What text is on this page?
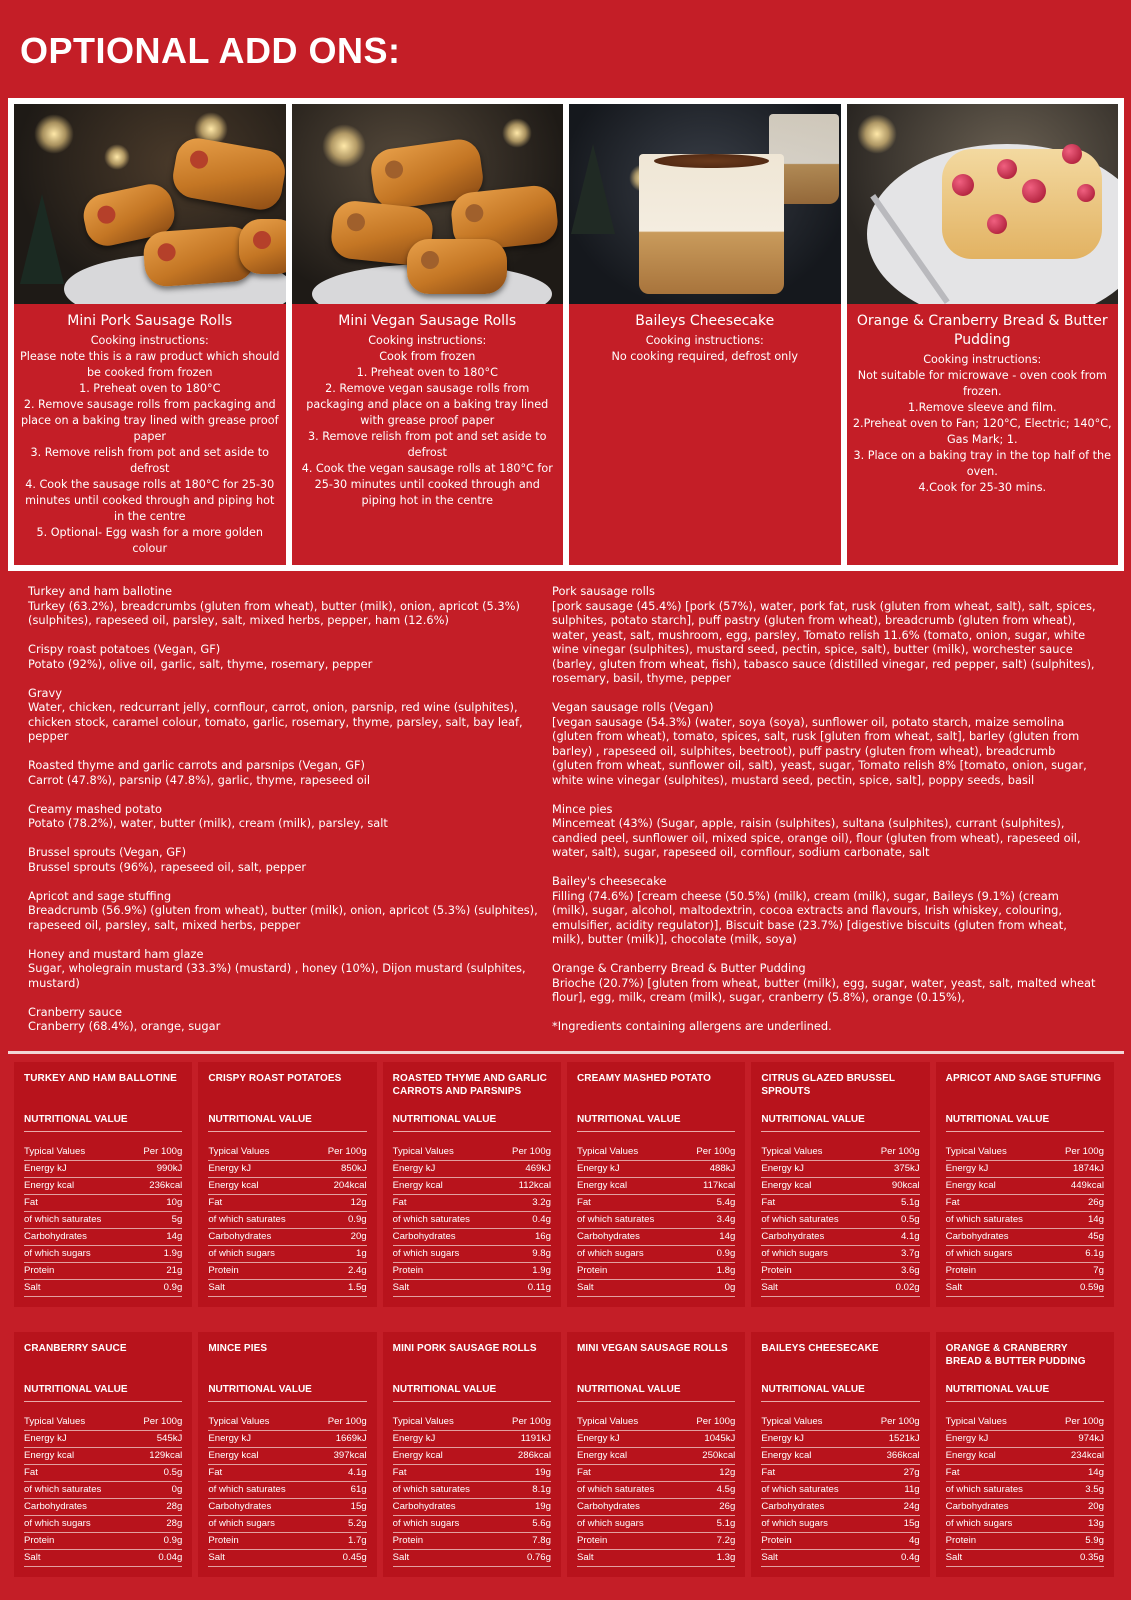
OPTIONAL ADD ONS:
Mini Pork Sausage Rolls
Cooking instructions:
Please note this is a raw product which should be cooked from frozen
1. Preheat oven to 180°C
2. Remove sausage rolls from packaging and place on a baking tray lined with grease proof paper
3. Remove relish from pot and set aside to defrost
4. Cook the sausage rolls at 180°C for 25-30 minutes until cooked through and piping hot in the centre
5. Optional- Egg wash for a more golden colour
Mini Vegan Sausage Rolls
Cooking instructions:
Cook from frozen
1. Preheat oven to 180°C
2. Remove vegan sausage rolls from packaging and place on a baking tray lined with grease proof paper
3. Remove relish from pot and set aside to defrost
4. Cook the vegan sausage rolls at 180°C for 25-30 minutes until cooked through and piping hot in the centre
Baileys Cheesecake
Cooking instructions:
No cooking required, defrost only
Orange & Cranberry Bread & Butter Pudding
Cooking instructions:
Not suitable for microwave - oven cook from frozen.
1.Remove sleeve and film.
2.Preheat oven to Fan; 120°C, Electric; 140°C, Gas Mark; 1.
3. Place on a baking tray in the top half of the oven.
4.Cook for 25-30 mins.
Turkey and ham ballotine
Turkey (63.2%), breadcrumbs (gluten from wheat), butter (milk), onion, apricot (5.3%) (sulphites), rapeseed oil, parsley, salt, mixed herbs, pepper, ham (12.6%)
Crispy roast potatoes (Vegan, GF)
Potato (92%), olive oil, garlic, salt, thyme, rosemary, pepper
Gravy
Water, chicken, redcurrant jelly, cornflour, carrot, onion, parsnip, red wine (sulphites), chicken stock, caramel colour, tomato, garlic, rosemary, thyme, parsley, salt, bay leaf, pepper
Roasted thyme and garlic carrots and parsnips (Vegan, GF)
Carrot (47.8%), parsnip (47.8%), garlic, thyme, rapeseed oil
Creamy mashed potato
Potato (78.2%), water, butter (milk), cream (milk), parsley, salt
Brussel sprouts (Vegan, GF)
Brussel sprouts (96%), rapeseed oil, salt, pepper
Apricot and sage stuffing
Breadcrumb (56.9%) (gluten from wheat), butter (milk), onion, apricot (5.3%) (sulphites), rapeseed oil, parsley, salt, mixed herbs, pepper
Honey and mustard ham glaze
Sugar, wholegrain mustard (33.3%) (mustard) , honey (10%), Dijon mustard (sulphites, mustard)
Cranberry sauce
Cranberry (68.4%), orange, sugar
Pork sausage rolls
[pork sausage (45.4%) [pork (57%), water, pork fat, rusk (gluten from wheat, salt), salt, spices, sulphites, potato starch], puff pastry (gluten from wheat), breadcrumb (gluten from wheat), water, yeast, salt, mushroom, egg, parsley, Tomato relish 11.6% (tomato, onion, sugar, white wine vinegar (sulphites), mustard seed, pectin, spice, salt), butter (milk), worchester sauce (barley, gluten from wheat, fish), tabasco sauce (distilled vinegar, red pepper, salt) (sulphites), rosemary, basil, thyme, pepper
Vegan sausage rolls (Vegan)
[vegan sausage (54.3%) (water, soya (soya), sunflower oil, potato starch, maize semolina (gluten from wheat), tomato, spices, salt, rusk [gluten from wheat, salt], barley (gluten from barley) , rapeseed oil, sulphites, beetroot), puff pastry (gluten from wheat), breadcrumb (gluten from wheat, sunflower oil, salt), yeast, sugar, Tomato relish 8% [tomato, onion, sugar, white wine vinegar (sulphites), mustard seed, pectin, spice, salt], poppy seeds, basil
Mince pies
Mincemeat (43%) (Sugar, apple, raisin (sulphites), sultana (sulphites), currant (sulphites), candied peel, sunflower oil, mixed spice, orange oil), flour (gluten from wheat), rapeseed oil, water, salt), sugar, rapeseed oil, cornflour, sodium carbonate, salt
Bailey's cheesecake
Filling (74.6%) [cream cheese (50.5%) (milk), cream (milk), sugar, Baileys (9.1%) (cream (milk), sugar, alcohol, maltodextrin, cocoa extracts and flavours, Irish whiskey, colouring, emulsifier, acidity regulator)], Biscuit base (23.7%) [digestive biscuits (gluten from wheat, milk), butter (milk)], chocolate (milk, soya)
Orange & Cranberry Bread & Butter Pudding
Brioche (20.7%) [gluten from wheat, butter (milk), egg, sugar, water, yeast, salt, malted wheat flour], egg, milk, cream (milk), sugar, cranberry (5.8%), orange (0.15%),
*Ingredients containing allergens are underlined.
TURKEY AND HAM BALLOTINE
NUTRITIONAL VALUE
Typical Values	Per 100g
Energy kJ	990kJ
Energy kcal	236kcal
Fat	10g
of which saturates	5g
Carbohydrates	14g
of which sugars	1.9g
Protein	21g
Salt	0.9g
CRISPY ROAST POTATOES
NUTRITIONAL VALUE
Typical Values	Per 100g
Energy kJ	850kJ
Energy kcal	204kcal
Fat	12g
of which saturates	0.9g
Carbohydrates	20g
of which sugars	1g
Protein	2.4g
Salt	1.5g
ROASTED THYME AND GARLIC CARROTS AND PARSNIPS
NUTRITIONAL VALUE
Typical Values	Per 100g
Energy kJ	469kJ
Energy kcal	112kcal
Fat	3.2g
of which saturates	0.4g
Carbohydrates	16g
of which sugars	9.8g
Protein	1.9g
Salt	0.11g
CREAMY MASHED POTATO
NUTRITIONAL VALUE
Typical Values	Per 100g
Energy kJ	488kJ
Energy kcal	117kcal
Fat	5.4g
of which saturates	3.4g
Carbohydrates	14g
of which sugars	0.9g
Protein	1.8g
Salt	0g
CITRUS GLAZED BRUSSEL SPROUTS
NUTRITIONAL VALUE
Typical Values	Per 100g
Energy kJ	375kJ
Energy kcal	90kcal
Fat	5.1g
of which saturates	0.5g
Carbohydrates	4.1g
of which sugars	3.7g
Protein	3.6g
Salt	0.02g
APRICOT AND SAGE STUFFING
NUTRITIONAL VALUE
Typical Values	Per 100g
Energy kJ	1874kJ
Energy kcal	449kcal
Fat	26g
of which saturates	14g
Carbohydrates	45g
of which sugars	6.1g
Protein	7g
Salt	0.59g
CRANBERRY SAUCE
NUTRITIONAL VALUE
Typical Values	Per 100g
Energy kJ	545kJ
Energy kcal	129kcal
Fat	0.5g
of which saturates	0g
Carbohydrates	28g
of which sugars	28g
Protein	0.9g
Salt	0.04g
MINCE PIES
NUTRITIONAL VALUE
Typical Values	Per 100g
Energy kJ	1669kJ
Energy kcal	397kcal
Fat	4.1g
of which saturates	61g
Carbohydrates	15g
of which sugars	5.2g
Protein	1.7g
Salt	0.45g
MINI PORK SAUSAGE ROLLS
NUTRITIONAL VALUE
Typical Values	Per 100g
Energy kJ	1191kJ
Energy kcal	286kcal
Fat	19g
of which saturates	8.1g
Carbohydrates	19g
of which sugars	5.6g
Protein	7.8g
Salt	0.76g
MINI VEGAN SAUSAGE ROLLS
NUTRITIONAL VALUE
Typical Values	Per 100g
Energy kJ	1045kJ
Energy kcal	250kcal
Fat	12g
of which saturates	4.5g
Carbohydrates	26g
of which sugars	5.1g
Protein	7.2g
Salt	1.3g
BAILEYS CHEESECAKE
NUTRITIONAL VALUE
Typical Values	Per 100g
Energy kJ	1521kJ
Energy kcal	366kcal
Fat	27g
of which saturates	11g
Carbohydrates	24g
of which sugars	15g
Protein	4g
Salt	0.4g
ORANGE & CRANBERRY BREAD & BUTTER PUDDING
NUTRITIONAL VALUE
Typical Values	Per 100g
Energy kJ	974kJ
Energy kcal	234kcal
Fat	14g
of which saturates	3.5g
Carbohydrates	20g
of which sugars	13g
Protein	5.9g
Salt	0.35g
